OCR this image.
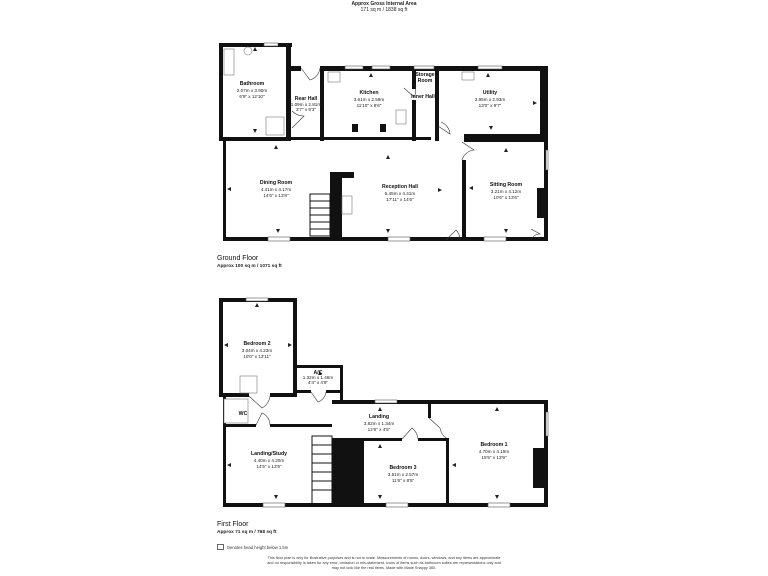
Approx Gross Internal Area
171 sq m / 1838 sq ft
Bathroom
2.07m x 3.90m
6'9" x 12'10"	Rear Hall
1.09m x 2.81m
3'7" x 9'3"
Kitchen
3.61m x 2.59m
11'10" x 8'6"
Storage
Room
Inner Hall
Utility
3.95m x 2.93m
13'0" x 9'7"
Dining Room
4.41m x 4.17m
14'6" x 13'8"
Reception Hall
5.45m x 4.41m
17'11" x 14'6"
Sitting Room
3.21m x 4.12m
10'6" x 13'6"
Bedroom 2
3.04m x 4.23m
10'0" x 13'11"
A/C
1.32m x 1.46m
4'4" x 4'9"
WC	Landing
3.82m x 1.34m
12'6" x 4'5"
Landing/Study
4.40m x 4.20m
14'5" x 13'9"
Bedroom 1
4.70m x 4.19m
15'5" x 13'9"
Bedroom 3
3.51m x 2.57m
11'6" x 8'5"
Ground Floor
Approx 100 sq m / 1071 sq ft
First Floor
Approx 71 sq m / 768 sq ft
Denotes head height below 1.5m
This floor plan is only for illustrative purposes and is not to scale. Measurements of rooms, doors, windows, and any items are approximate
and no responsibility is taken for any error, omission or mis-statement. Icons of items such as bathroom suites are representations only and
may not look like the real items. Made with Made Snappy 360.
